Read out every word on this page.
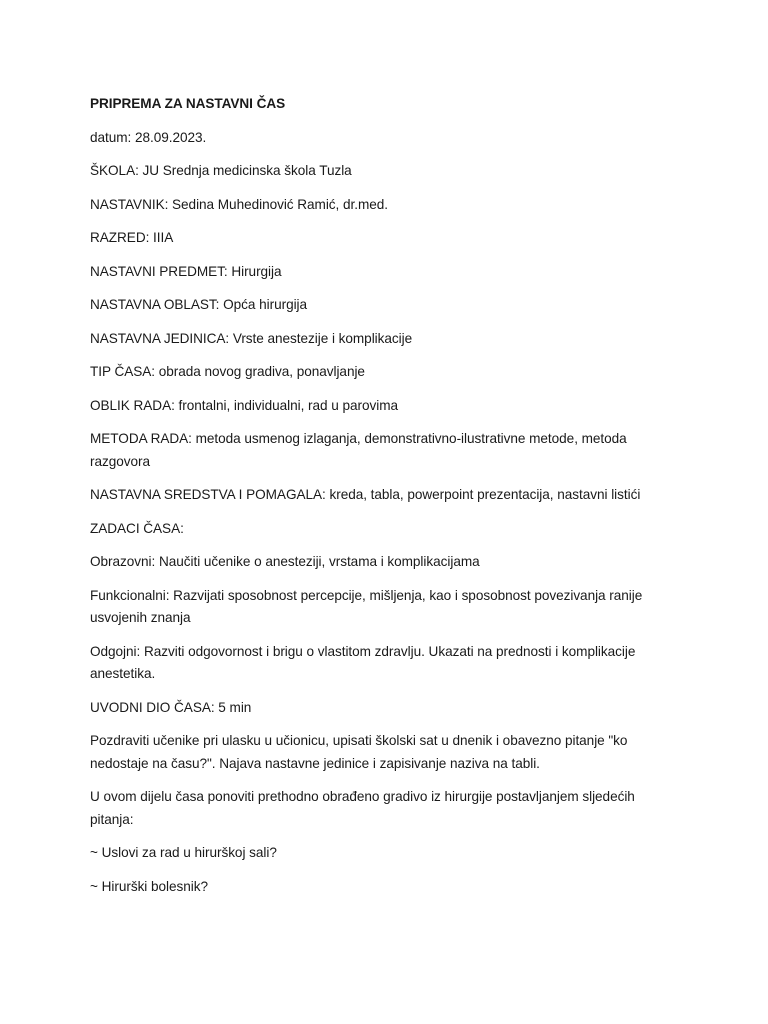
PRIPREMA ZA NASTAVNI ČAS

datum: 28.09.2023.

ŠKOLA: JU Srednja medicinska škola Tuzla

NASTAVNIK: Sedina Muhedinović Ramić, dr.med.

RAZRED: IIIA

NASTAVNI PREDMET: Hirurgija

NASTAVNA OBLAST: Opća hirurgija

NASTAVNA JEDINICA: Vrste anestezije i komplikacije

TIP ČASA: obrada novog gradiva, ponavljanje

OBLIK RADA: frontalni, individualni, rad u parovima

METODA RADA: metoda usmenog izlaganja, demonstrativno-ilustrativne metode, metoda razgovora

NASTAVNA SREDSTVA I POMAGALA: kreda, tabla, powerpoint prezentacija, nastavni listići

ZADACI ČASA:

Obrazovni: Naučiti učenike o anesteziji, vrstama i komplikacijama

Funkcionalni: Razvijati sposobnost percepcije, mišljenja, kao i sposobnost povezivanja ranije usvojenih znanja

Odgojni: Razviti odgovornost i brigu o vlastitom zdravlju. Ukazati na prednosti i komplikacije anestetika.

UVODNI DIO ČASA: 5 min

Pozdraviti učenike pri ulasku u učionicu, upisati školski sat u dnenik i obavezno pitanje "ko nedostaje na času?". Najava nastavne jedinice i zapisivanje naziva na tabli.

U ovom dijelu časa ponoviti prethodno obrađeno gradivo iz hirurgije postavljanjem sljedećih pitanja:

~ Uslovi za rad u hirurškoj sali?

~ Hirurški bolesnik?
